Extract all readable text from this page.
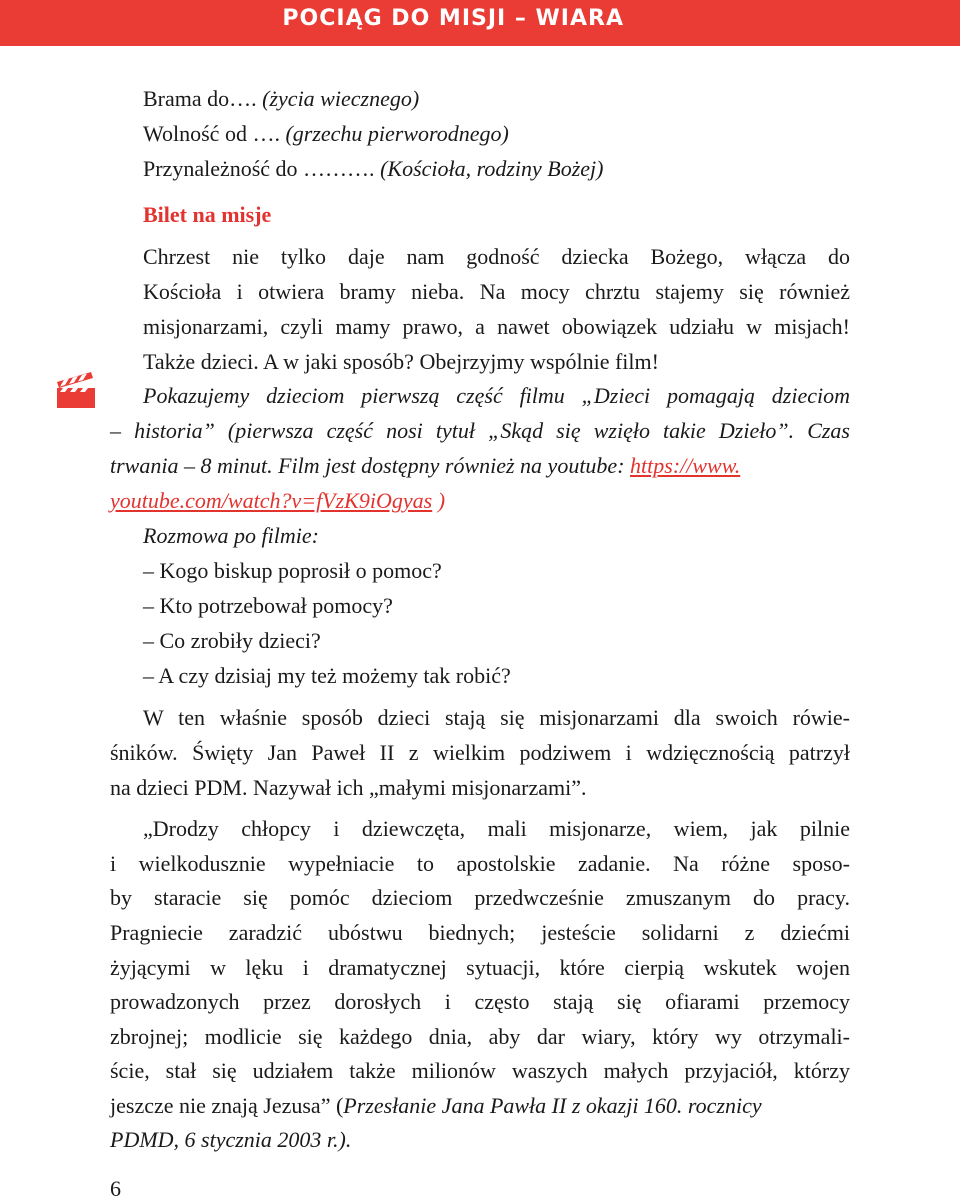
POCIĄG DO MISJI – WIARA
Brama do…. (życia wiecznego)
Wolność od …. (grzechu pierworodnego)
Przynależność do ………. (Kościoła, rodziny Bożej)
Bilet na misje
Chrzest nie tylko daje nam godność dziecka Bożego, włącza do
Kościoła i otwiera bramy nieba. Na mocy chrztu stajemy się również
misjonarzami, czyli mamy prawo, a nawet obowiązek udziału w misjach!
Także dzieci. A w jaki sposób? Obejrzyjmy wspólnie film!
Pokazujemy dzieciom pierwszą część filmu „Dzieci pomagają dzieciom
– historia” (pierwsza część nosi tytuł „Skąd się wzięło takie Dzieło”. Czas
trwania – 8 minut. Film jest dostępny również na youtube: https://www.
youtube.com/watch?v=fVzK9iOgyas )
Rozmowa po filmie:
– Kogo biskup poprosił o pomoc?
– Kto potrzebował pomocy?
– Co zrobiły dzieci?
– A czy dzisiaj my też możemy tak robić?
W ten właśnie sposób dzieci stają się misjonarzami dla swoich rówie-
śników. Święty Jan Paweł II z wielkim podziwem i wdzięcznością patrzył
na dzieci PDM. Nazywał ich „małymi misjonarzami”.
„Drodzy chłopcy i dziewczęta, mali misjonarze, wiem, jak pilnie
i wielkodusznie wypełniacie to apostolskie zadanie. Na różne sposo-
by staracie się pomóc dzieciom przedwcześnie zmuszanym do pracy.
Pragniecie zaradzić ubóstwu biednych; jesteście solidarni z dziećmi
żyjącymi w lęku i dramatycznej sytuacji, które cierpią wskutek wojen
prowadzonych przez dorosłych i często stają się ofiarami przemocy
zbrojnej; modlicie się każdego dnia, aby dar wiary, który wy otrzymali-
ście, stał się udziałem także milionów waszych małych przyjaciół, którzy
jeszcze nie znają Jezusa” (Przesłanie Jana Pawła II z okazji 160. rocznicy
PDMD, 6 stycznia 2003 r.).
6
